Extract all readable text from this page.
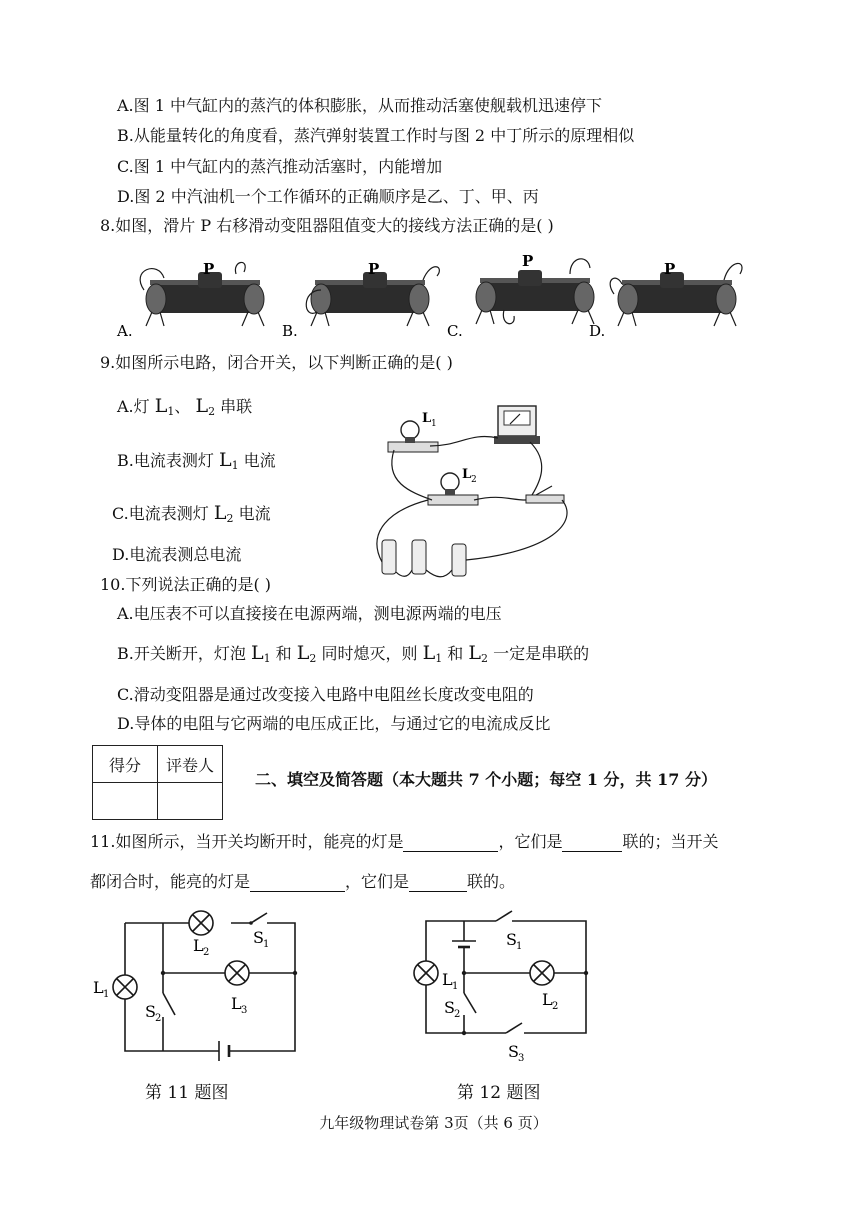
A.图 1 中气缸内的蒸汽的体积膨胀，从而推动活塞使舰载机迅速停下
B.从能量转化的角度看，蒸汽弹射装置工作时与图 2 中丁所示的原理相似
C.图 1 中气缸内的蒸汽推动活塞时，内能增加
D.图 2 中汽油机一个工作循环的正确顺序是乙、丁、甲、丙
8.如图，滑片 P 右移滑动变阻器阻值变大的接线方法正确的是( )
P
A.
P
B.
P
C.
P
D.
9.如图所示电路，闭合开关，以下判断正确的是( )
A.灯 $L_1$、 $L_2$ 串联
B.电流表测灯 $L_1$ 电流
C.电流表测灯 $L_2$ 电流
D.电流表测总电流
L 1
L 2
10.下列说法正确的是( )
A.电压表不可以直接接在电源两端，测电源两端的电压
B.开关断开，灯泡 $L_1$ 和 $L_2$ 同时熄灭，则 $L_1$ 和 $L_2$ 一定是串联的
C.滑动变阻器是通过改变接入电路中电阻丝长度改变电阻的
D.导体的电阻与它两端的电压成正比，与通过它的电流成反比
得分	评卷人

二、填空及简答题（本大题共 7 个小题；每空 1 分，共 17 分）
11.如图所示，当开关均断开时，能亮的灯是	，它们是	联的；当开关
都闭合时，能亮的灯是	，它们是	联的。
L 1
L 2
L 3
S 1
S 2
第 11 题图
S 1
L 1
L 2
S 2
S 3
第 12 题图
九年级物理试卷第 3页（共 6 页）
